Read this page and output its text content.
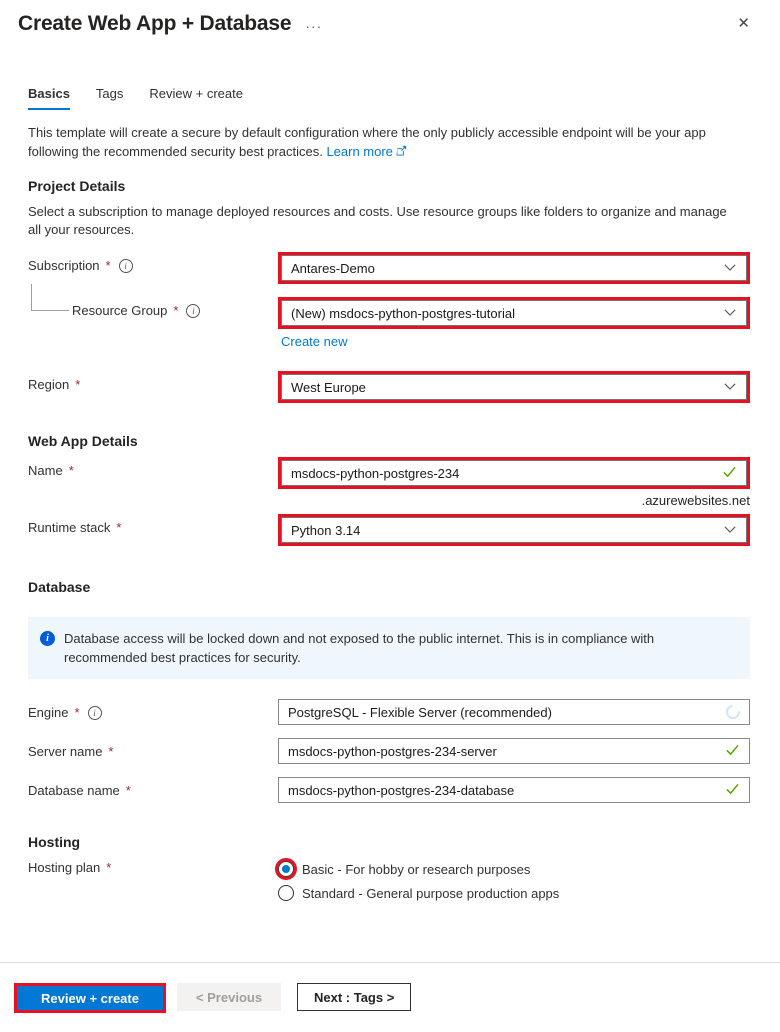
Create Web App + Database ···	✕
Basics Tags Review + create
This template will create a secure by default configuration where the only publicly accessible endpoint will be your app following the recommended security best practices. Learn more
Project Details
Select a subscription to manage deployed resources and costs. Use resource groups like folders to organize and manage all your resources.
Subscription *	i	Antares-Demo
Resource Group *	i	(New) msdocs-python-postgres-tutorial
Create new
Region *	West Europe
Web App Details
Name *	msdocs-python-postgres-234
.azurewebsites.net
Runtime stack *	Python 3.14
Database
i	Database access will be locked down and not exposed to the public internet. This is in compliance with recommended best practices for security.
Engine *	i	PostgreSQL - Flexible Server (recommended)
Server name *	msdocs-python-postgres-234-server
Database name *	msdocs-python-postgres-234-database
Hosting
Hosting plan *	Basic - For hobby or research purposes
Standard - General purpose production apps
Review + create	< Previous	Next : Tags >
